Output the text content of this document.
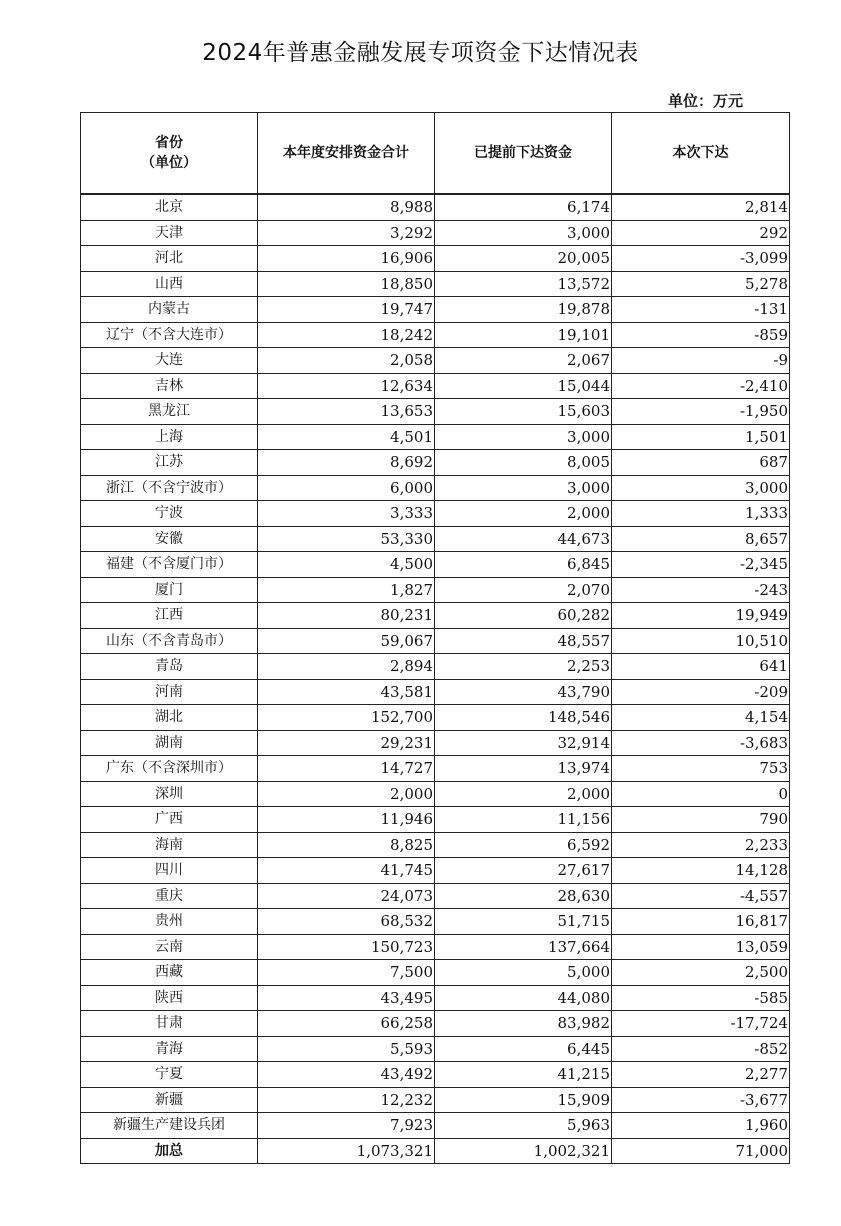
2024年普惠金融发展专项资金下达情况表
单位：万元
省份
（单位）	本年度安排资金合计	已提前下达资金	本次下达
北京	8,988	6,174	2,814
天津	3,292	3,000	292
河北	16,906	20,005	-3,099
山西	18,850	13,572	5,278
内蒙古	19,747	19,878	-131
辽宁（不含大连市）	18,242	19,101	-859
大连	2,058	2,067	-9
吉林	12,634	15,044	-2,410
黑龙江	13,653	15,603	-1,950
上海	4,501	3,000	1,501
江苏	8,692	8,005	687
浙江（不含宁波市）	6,000	3,000	3,000
宁波	3,333	2,000	1,333
安徽	53,330	44,673	8,657
福建（不含厦门市）	4,500	6,845	-2,345
厦门	1,827	2,070	-243
江西	80,231	60,282	19,949
山东（不含青岛市）	59,067	48,557	10,510
青岛	2,894	2,253	641
河南	43,581	43,790	-209
湖北	152,700	148,546	4,154
湖南	29,231	32,914	-3,683
广东（不含深圳市）	14,727	13,974	753
深圳	2,000	2,000	0
广西	11,946	11,156	790
海南	8,825	6,592	2,233
四川	41,745	27,617	14,128
重庆	24,073	28,630	-4,557
贵州	68,532	51,715	16,817
云南	150,723	137,664	13,059
西藏	7,500	5,000	2,500
陕西	43,495	44,080	-585
甘肃	66,258	83,982	-17,724
青海	5,593	6,445	-852
宁夏	43,492	41,215	2,277
新疆	12,232	15,909	-3,677
新疆生产建设兵团	7,923	5,963	1,960
加总	1,073,321	1,002,321	71,000
